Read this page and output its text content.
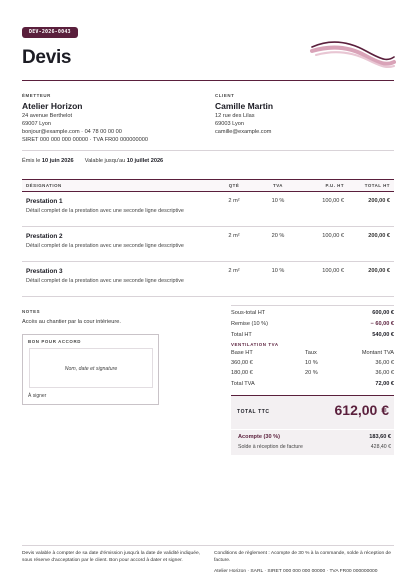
DEV-2026-0043
Devis
ÉMETTEUR
Atelier Horizon
24 avenue Berthelot
69007 Lyon
bonjour@example.com · 04 78 00 00 00
SIRET 000 000 000 00000 · TVA FR00 000000000
CLIENT
Camille Martin
12 rue des Lilas
69003 Lyon
camille@example.com
Émis le 10 juin 2026 Valable jusqu'au 10 juillet 2026
DÉSIGNATION	QTÉ	TVA	P.U. HT	TOTAL HT

Prestation 1
Détail complet de la prestation avec une seconde ligne descriptive	2 m²	10 %	100,00 €	200,00 €

Prestation 2
Détail complet de la prestation avec une seconde ligne descriptive	2 m²	20 %	100,00 €	200,00 €

Prestation 3
Détail complet de la prestation avec une seconde ligne descriptive	2 m²	10 %	100,00 €	200,00 €
NOTES
Accès au chantier par la cour intérieure.
BON POUR ACCORD
Nom, date et signature
À signer
Sous-total HT	600,00 €
Remise (10 %)	− 60,00 €
Total HT	540,00 €
VENTILATION TVA
Base HT	Taux	Montant TVA
360,00 €	10 %	36,00 €
180,00 €	20 %	36,00 €
Total TVA	72,00 €
TOTAL TTC	612,00 €
Acompte (30 %)	183,60 €
Solde à réception de facture	428,40 €
Devis valable à compter de sa date d'émission jusqu'à la date de validité indiquée, sous réserve d'acceptation par le client. Bon pour accord à dater et signer.
Conditions de règlement : Acompte de 30 % à la commande, solde à réception de facture.
Atelier Horizon · SARL · SIRET 000 000 000 00000 · TVA FR00 000000000
